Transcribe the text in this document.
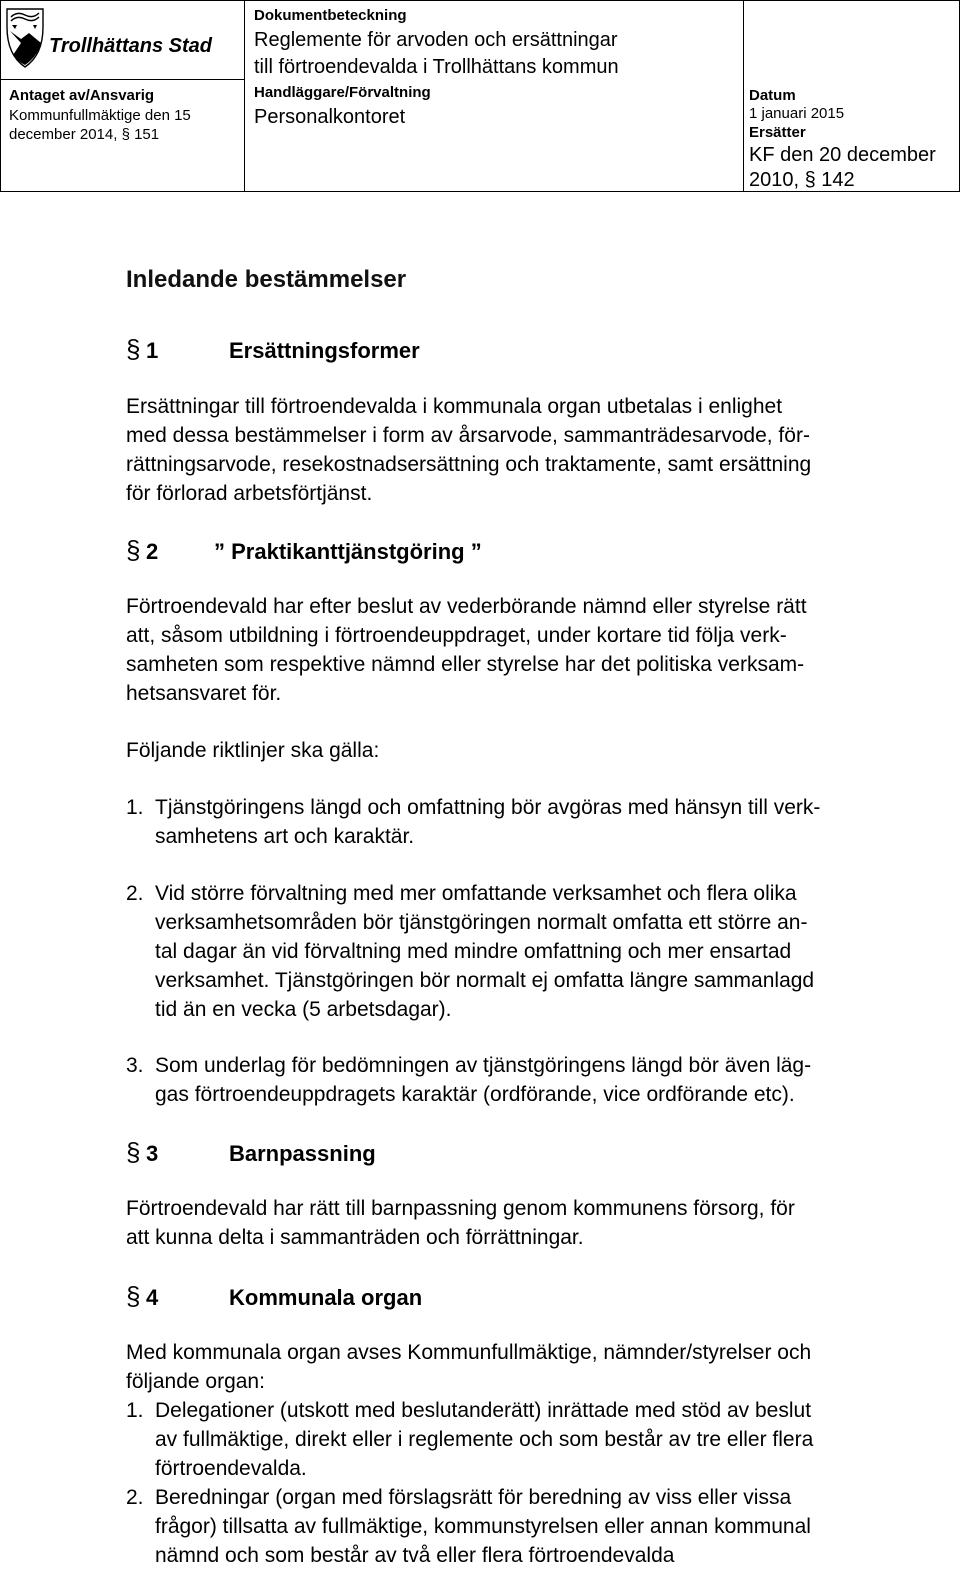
Trollhättans Stad
Antaget av/Ansvarig
Kommunfullmäktige den 15
december 2014, § 151
Dokumentbeteckning
Reglemente för arvoden och ersättningar
till förtroendevalda i Trollhättans kommun
Handläggare/Förvaltning
Personalkontoret
Datum
1 januari 2015
Ersätter
KF den 20 december
2010, § 142
Inledande bestämmelser
§ 1	Ersättningsformer
Ersättningar till förtroendevalda i kommunala organ utbetalas i enlighet
med dessa bestämmelser i form av årsarvode, sammanträdesarvode, för-
rättningsarvode, resekostnadsersättning och traktamente, samt ersättning
för förlorad arbetsförtjänst.
§ 2	” Praktikanttjänstgöring ”
Förtroendevald har efter beslut av vederbörande nämnd eller styrelse rätt
att, såsom utbildning i förtroendeuppdraget, under kortare tid följa verk-
samheten som respektive nämnd eller styrelse har det politiska verksam-
hetsansvaret för.
Följande riktlinjer ska gälla:
1. Tjänstgöringens längd och omfattning bör avgöras med hänsyn till verk-
samhetens art och karaktär.
2. Vid större förvaltning med mer omfattande verksamhet och flera olika
verksamhetsområden bör tjänstgöringen normalt omfatta ett större an-
tal dagar än vid förvaltning med mindre omfattning och mer ensartad
verksamhet. Tjänstgöringen bör normalt ej omfatta längre sammanlagd
tid än en vecka (5 arbetsdagar).
3. Som underlag för bedömningen av tjänstgöringens längd bör även läg-
gas förtroendeuppdragets karaktär (ordförande, vice ordförande etc).
§ 3	Barnpassning
Förtroendevald har rätt till barnpassning genom kommunens försorg, för
att kunna delta i sammanträden och förrättningar.
§ 4	Kommunala organ
Med kommunala organ avses Kommunfullmäktige, nämnder/styrelser och
följande organ:
1. Delegationer (utskott med beslutanderätt) inrättade med stöd av beslut
av fullmäktige, direkt eller i reglemente och som består av tre eller flera
förtroendevalda.
2. Beredningar (organ med förslagsrätt för beredning av viss eller vissa
frågor) tillsatta av fullmäktige, kommunstyrelsen eller annan kommunal
nämnd och som består av två eller flera förtroendevalda
